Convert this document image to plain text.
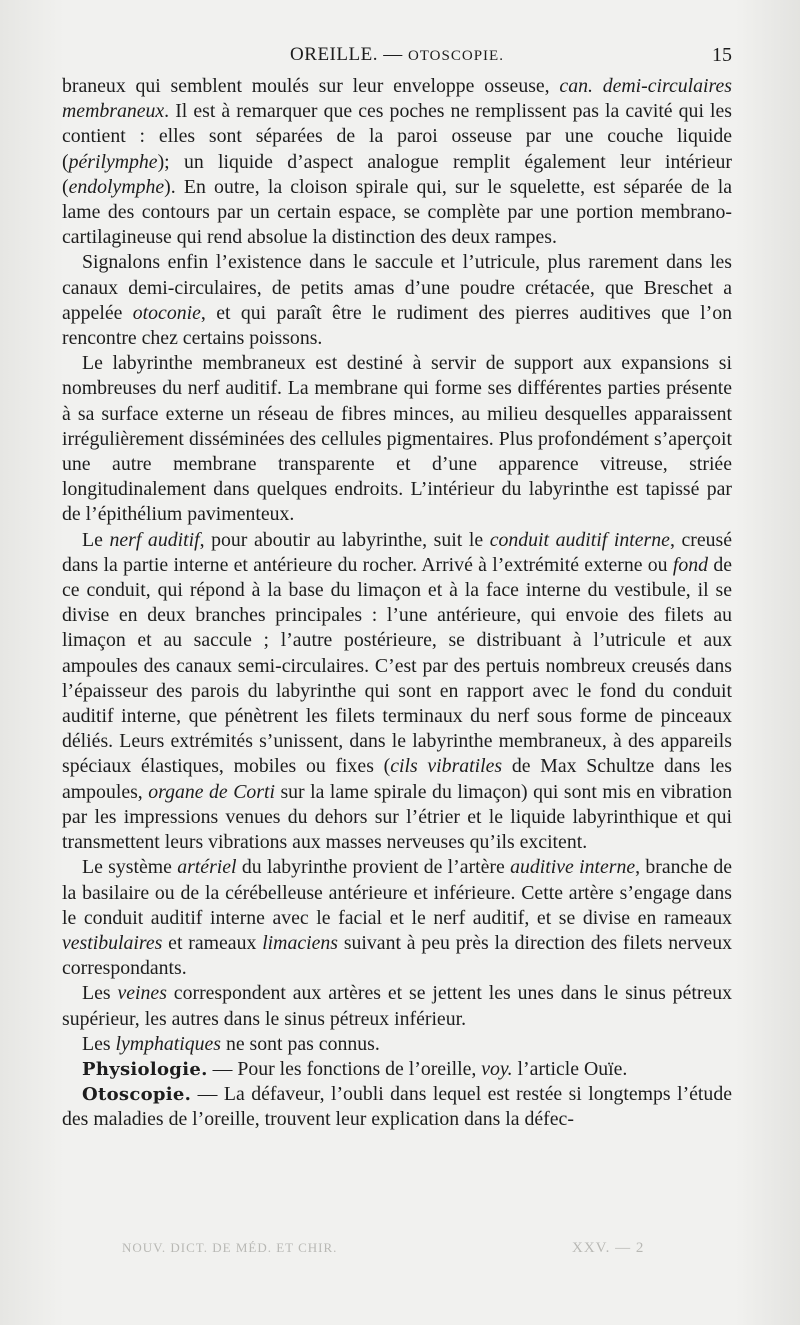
OREILLE. — OTOSCOPIE.	15

braneux qui semblent moulés sur leur enveloppe osseuse, can. demi-circulaires membraneux. Il est à remarquer que ces poches ne remplissent pas la cavité qui les contient : elles sont séparées de la paroi osseuse par une couche liquide (périlymphe); un liquide d’aspect analogue remplit également leur intérieur (endolymphe). En outre, la cloison spirale qui, sur le squelette, est séparée de la lame des contours par un certain espace, se complète par une portion membrano-cartilagineuse qui rend absolue la distinction des deux rampes.

Signalons enfin l’existence dans le saccule et l’utricule, plus rarement dans les canaux demi-circulaires, de petits amas d’une poudre crétacée, que Breschet a appelée otoconie, et qui paraît être le rudiment des pierres auditives que l’on rencontre chez certains poissons.

Le labyrinthe membraneux est destiné à servir de support aux expansions si nombreuses du nerf auditif. La membrane qui forme ses différentes parties présente à sa surface externe un réseau de fibres minces, au milieu desquelles apparaissent irrégulièrement disséminées des cellules pigmentaires. Plus profondément s’aperçoit une autre membrane transparente et d’une apparence vitreuse, striée longitudinalement dans quelques endroits. L’intérieur du labyrinthe est tapissé par de l’épithélium pavimenteux.

Le nerf auditif, pour aboutir au labyrinthe, suit le conduit auditif interne, creusé dans la partie interne et antérieure du rocher. Arrivé à l’extrémité externe ou fond de ce conduit, qui répond à la base du limaçon et à la face interne du vestibule, il se divise en deux branches principales : l’une antérieure, qui envoie des filets au limaçon et au saccule ; l’autre postérieure, se distribuant à l’utricule et aux ampoules des canaux semi-circulaires. C’est par des pertuis nombreux creusés dans l’épaisseur des parois du labyrinthe qui sont en rapport avec le fond du conduit auditif interne, que pénètrent les filets terminaux du nerf sous forme de pinceaux déliés. Leurs extrémités s’unissent, dans le labyrinthe membraneux, à des appareils spéciaux élastiques, mobiles ou fixes (cils vibratiles de Max Schultze dans les ampoules, organe de Corti sur la lame spirale du limaçon) qui sont mis en vibration par les impressions venues du dehors sur l’étrier et le liquide labyrinthique et qui transmettent leurs vibrations aux masses nerveuses qu’ils excitent.

Le système artériel du labyrinthe provient de l’artère auditive interne, branche de la basilaire ou de la cérébelleuse antérieure et inférieure. Cette artère s’engage dans le conduit auditif interne avec le facial et le nerf auditif, et se divise en rameaux vestibulaires et rameaux limaciens suivant à peu près la direction des filets nerveux correspondants.

Les veines correspondent aux artères et se jettent les unes dans le sinus pétreux supérieur, les autres dans le sinus pétreux inférieur.

Les lymphatiques ne sont pas connus.

Physiologie. — Pour les fonctions de l’oreille, voy. l’article Ouïe.

Otoscopie. — La défaveur, l’oubli dans lequel est restée si longtemps l’étude des maladies de l’oreille, trouvent leur explication dans la défec-

NOUV. DICT. DE MÉD. ET CHIR.	XXV. — 2
